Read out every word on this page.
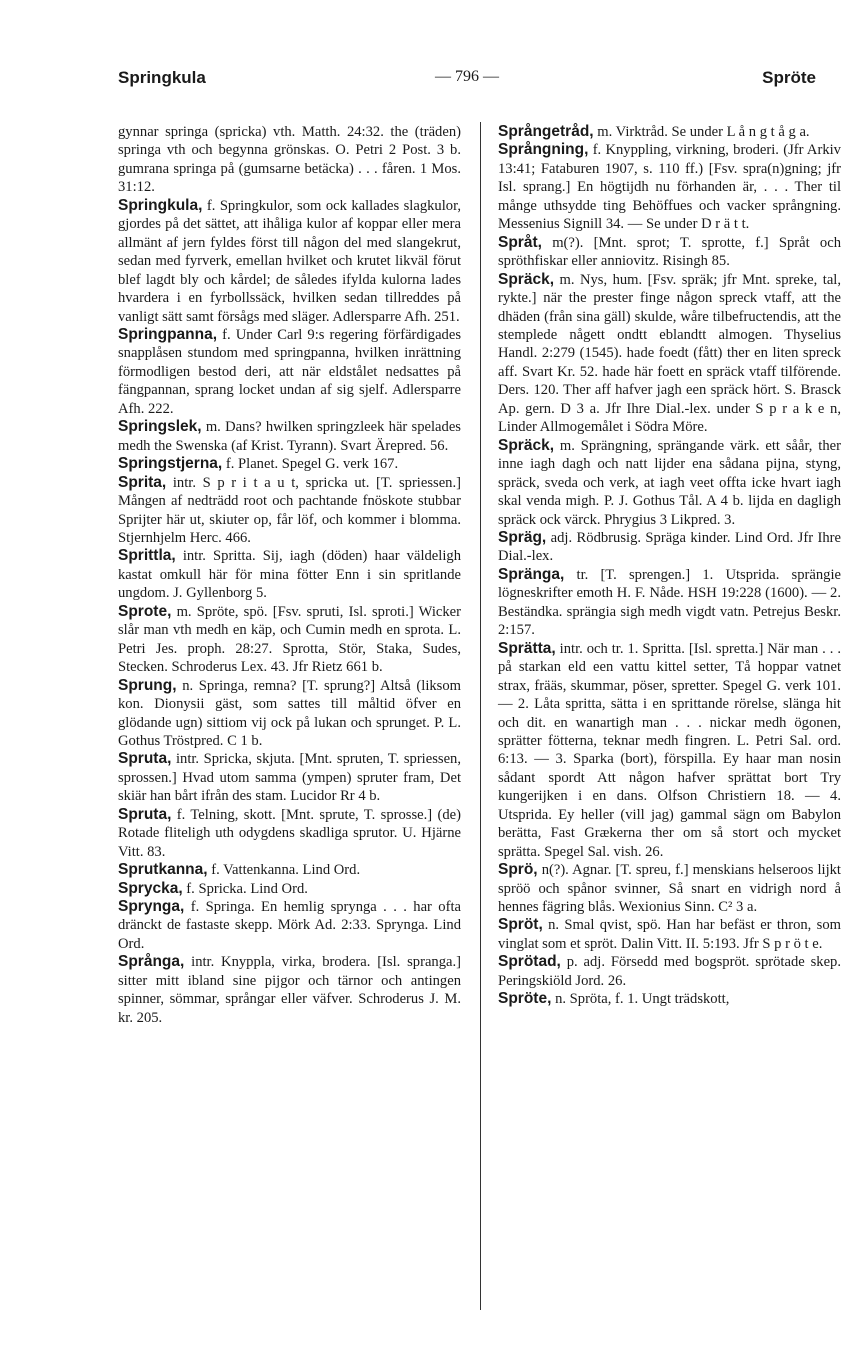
Springkula	— 796 —	Spröte

gynnar springa (spricka) vth. Matth. 24:32. the (träden) springa vth och begynna grönskas. O. Petri 2 Post. 3 b. gumrana springa på (gumsarne betäcka) . . . fåren. 1 Mos. 31:12.

Springkula, f. Springkulor, som ock kallades slagkulor, gjordes på det sättet, att ihåliga kulor af koppar eller mera allmänt af jern fyldes först till någon del med slangekrut, sedan med fyrverk, emellan hvilket och krutet likväl förut blef lagdt bly och kårdel; de således ifylda kulorna lades hvardera i en fyrbollssäck, hvilken sedan tillreddes på vanligt sätt samt försågs med släger. Adlersparre Afh. 251.

Springpanna, f. Under Carl 9:s regering förfärdigades snapplåsen stundom med springpanna, hvilken inrättning förmodligen bestod deri, att när eldstålet nedsattes på fängpannan, sprang locket undan af sig sjelf. Adlersparre Afh. 222.

Springslek, m. Dans? hwilken springzleek här spelades medh the Swenska (af Krist. Tyrann). Svart Ärepred. 56.

Springstjerna, f. Planet. Spegel G. verk 167.

Sprita, intr. S p r i t a u t, spricka ut. [T. spriessen.] Mången af nedträdd root och pachtande fnöskote stubbar Sprijter här ut, skiuter op, får löf, och kommer i blomma. Stjernhjelm Herc. 466.

Sprittla, intr. Spritta. Sij, iagh (döden) haar väldeligh kastat omkull här för mina fötter Enn i sin spritlande ungdom. J. Gyllenborg 5.

Sprote, m. Spröte, spö. [Fsv. spruti, Isl. sproti.] Wicker slår man vth medh en käp, och Cumin medh en sprota. L. Petri Jes. proph. 28:27. Sprotta, Stör, Staka, Sudes, Stecken. Schroderus Lex. 43. Jfr Rietz 661 b.

Sprung, n. Springa, remna? [T. sprung?] Altså (liksom kon. Dionysii gäst, som sattes till måltid öfver en glödande ugn) sittiom vij ock på lukan och sprunget. P. L. Gothus Tröstpred. C 1 b.

Spruta, intr. Spricka, skjuta. [Mnt. spruten, T. spriessen, sprossen.] Hvad utom samma (ympen) spruter fram, Det skiär han bårt ifrån des stam. Lucidor Rr 4 b.

Spruta, f. Telning, skott. [Mnt. sprute, T. sprosse.] (de) Rotade fliteligh uth odygdens skadliga sprutor. U. Hjärne Vitt. 83.

Sprutkanna, f. Vattenkanna. Lind Ord.

Sprycka, f. Spricka. Lind Ord.

Sprynga, f. Springa. En hemlig sprynga . . . har ofta dränckt de fastaste skepp. Mörk Ad. 2:33. Sprynga. Lind Ord.

Språnga, intr. Knyppla, virka, brodera. [Isl. spranga.] sitter mitt ibland sine pijgor och tärnor och antingen spinner, sömmar, språngar eller väfver. Schroderus J. M. kr. 205.

Språngetråd, m. Virktråd. Se under L å n g t å g a.

Språngning, f. Knyppling, virkning, broderi. (Jfr Arkiv 13:41; Fataburen 1907, s. 110 ff.) [Fsv. spra(n)gning; jfr Isl. sprang.] En högtijdh nu förhanden är, . . . Ther til månge uthsydde ting Behöffues och vacker språngning. Messenius Signill 34. — Se under D r ä t t.

Språt, m(?). [Mnt. sprot; T. sprotte, f.] Språt och spröthfiskar eller anniovitz. Risingh 85.

Spräck, m. Nys, hum. [Fsv. spräk; jfr Mnt. spreke, tal, rykte.] när the prester finge någon spreck vtaff, att the dhäden (från sina gäll) skulde, wåre tilbefructendis, att the stemplede någett ondtt eblandtt almogen. Thyselius Handl. 2:279 (1545). hade foedt (fått) ther en liten spreck aff. Svart Kr. 52. hade här foett en spräck vtaff tilförende. Ders. 120. Ther aff hafver jagh een spräck hört. S. Brasck Ap. gern. D 3 a. Jfr Ihre Dial.-lex. under S p r a k e n, Linder Allmogemålet i Södra Möre.

Spräck, m. Sprängning, sprängande värk. ett såår, ther inne iagh dagh och natt lijder ena sådana pijna, styng, spräck, sveda och verk, at iagh veet offta icke hvart iagh skal venda migh. P. J. Gothus Tål. A 4 b. lijda en dagligh spräck ock värck. Phrygius 3 Likpred. 3.

Spräg, adj. Rödbrusig. Spräga kinder. Lind Ord. Jfr Ihre Dial.-lex.

Spränga, tr. [T. sprengen.] 1. Utsprida. sprängie lögneskrifter emoth H. F. Nåde. HSH 19:228 (1600). — 2. Beständka. sprängia sigh medh vigdt vatn. Petrejus Beskr. 2:157.

Sprätta, intr. och tr. 1. Spritta. [Isl. spretta.] När man . . . på starkan eld een vattu kittel setter, Tå hoppar vatnet strax, frääs, skummar, pöser, spretter. Spegel G. verk 101. — 2. Låta spritta, sätta i en sprittande rörelse, slänga hit och dit. en wanartigh man . . . nickar medh ögonen, sprätter fötterna, teknar medh fingren. L. Petri Sal. ord. 6:13. — 3. Sparka (bort), förspilla. Ey haar man nosin sådant spordt Att någon hafver sprättat bort Try kungerijken i en dans. Olfson Christiern 18. — 4. Utsprida. Ey heller (vill jag) gammal sägn om Babylon berätta, Fast Grækerna ther om så stort och mycket sprätta. Spegel Sal. vish. 26.

Sprö, n(?). Agnar. [T. spreu, f.] menskians helseroos lijkt spröö och spånor svinner, Så snart en vidrigh nord å hennes fägring blås. Wexionius Sinn. C² 3 a.

Spröt, n. Smal qvist, spö. Han har befäst er thron, som vinglat som et spröt. Dalin Vitt. II. 5:193. Jfr S p r ö t e.

Sprötad, p. adj. Försedd med bogspröt. sprötade skep. Peringskiöld Jord. 26.

Spröte, n. Spröta, f. 1. Ungt trädskott,
